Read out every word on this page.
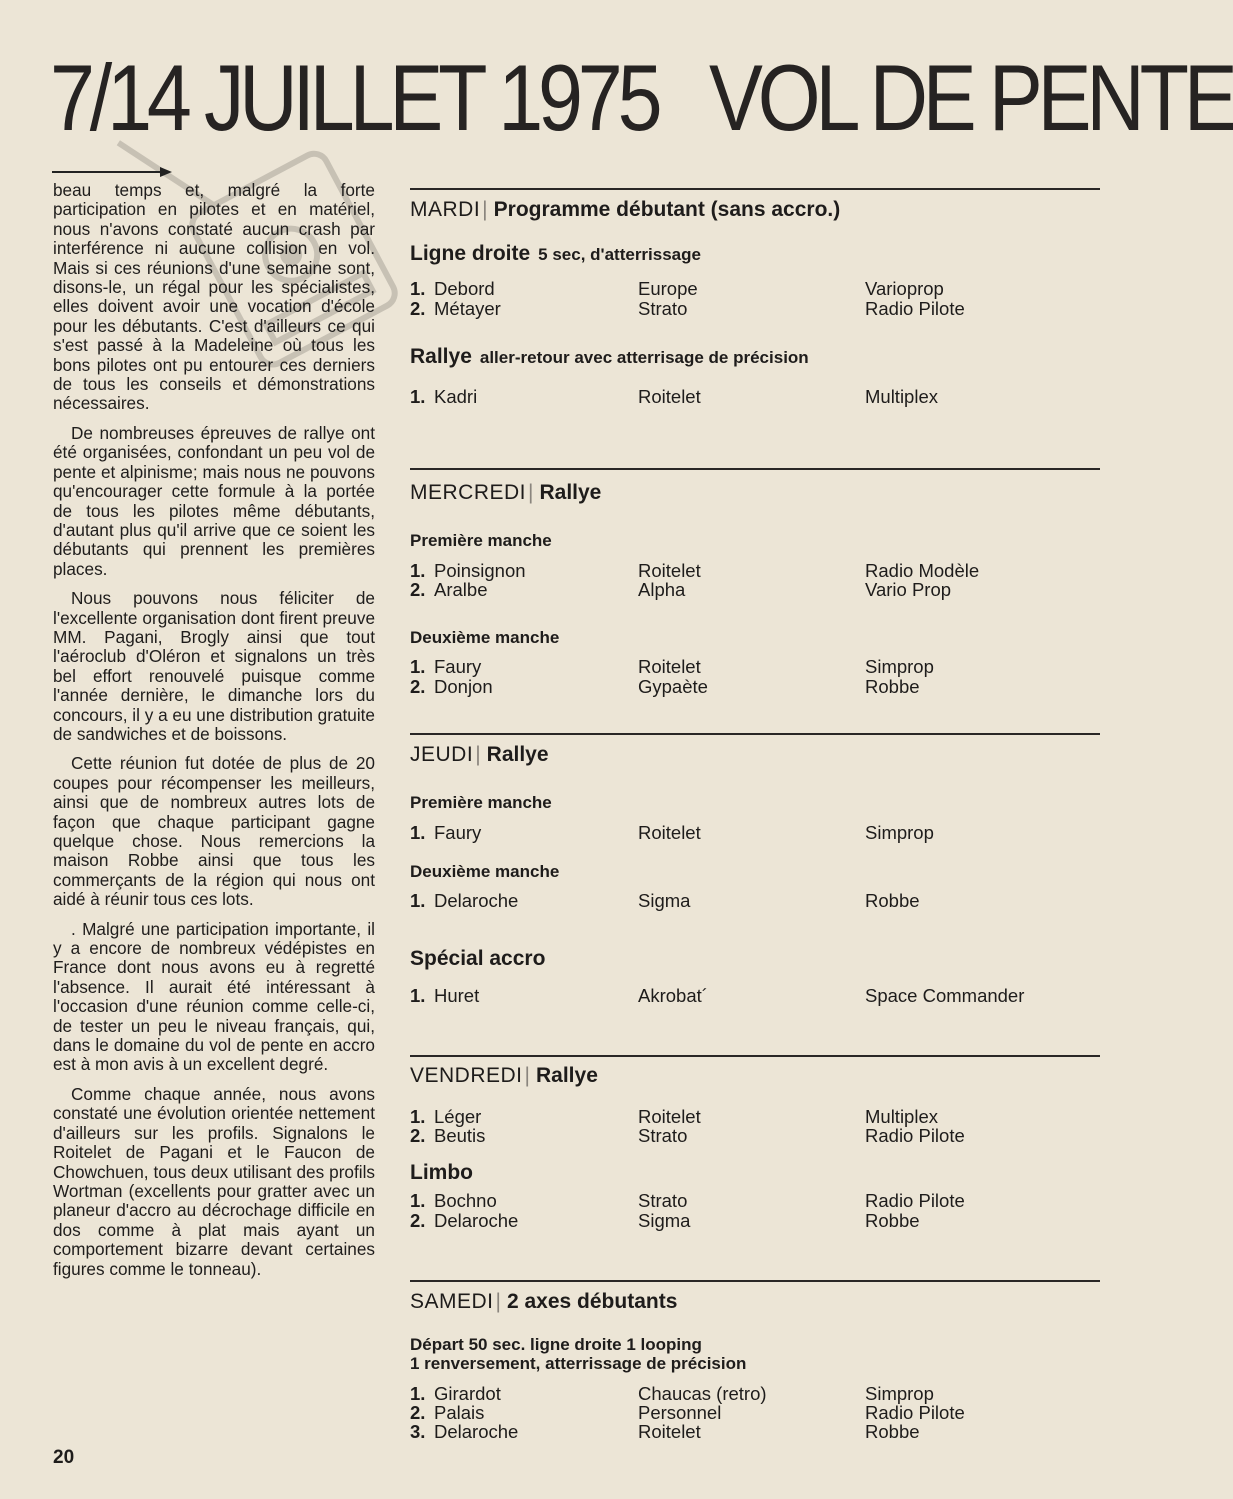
7/14 JUILLET 1975 VOL DE PENTE

beau temps et, malgré la forte participation en pilotes et en matériel, nous n'avons constaté aucun crash par interférence ni aucune collision en vol. Mais si ces réunions d'une semaine sont, disons-le, un régal pour les spécialistes, elles doivent avoir une vocation d'école pour les débutants. C'est d'ailleurs ce qui s'est passé à la Madeleine où tous les bons pilotes ont pu entourer ces derniers de tous les conseils et démonstrations nécessaires.

De nombreuses épreuves de rallye ont été organisées, confondant un peu vol de pente et alpinisme; mais nous ne pouvons qu'encourager cette formule à la portée de tous les pilotes même débutants, d'autant plus qu'il arrive que ce soient les débutants qui prennent les premières places.

Nous pouvons nous féliciter de l'excellente organisation dont firent preuve MM. Pagani, Brogly ainsi que tout l'aéroclub d'Oléron et signalons un très bel effort renouvelé puisque comme l'année dernière, le dimanche lors du concours, il y a eu une distribution gratuite de sandwiches et de boissons.

Cette réunion fut dotée de plus de 20 coupes pour récompenser les meilleurs, ainsi que de nombreux autres lots de façon que chaque participant gagne quelque chose. Nous remercions la maison Robbe ainsi que tous les commerçants de la région qui nous ont aidé à réunir tous ces lots.

. Malgré une participation importante, il y a encore de nombreux védépistes en France dont nous avons eu à regretté l'absence. Il aurait été intéressant à l'occasion d'une réunion comme celle-ci, de tester un peu le niveau français, qui, dans le domaine du vol de pente en accro est à mon avis à un excellent degré.

Comme chaque année, nous avons constaté une évolution orientée nettement d'ailleurs sur les profils. Signalons le Roitelet de Pagani et le Faucon de Chowchuen, tous deux utilisant des profils Wortman (excellents pour gratter avec un planeur d'accro au décrochage difficile en dos comme à plat mais ayant un comportement bizarre devant certaines figures comme le tonneau).

20
MARDI| Programme débutant (sans accro.)
Ligne droite 5 sec, d'atterrissage
1. Debord	Europe	Varioprop
2. Métayer	Strato	Radio Pilote
Rallye aller-retour avec atterrisage de précision
1. Kadri	Roitelet	Multiplex
MERCREDI| Rallye
Première manche
1. Poinsignon	Roitelet	Radio Modèle
2. Aralbe	Alpha	Vario Prop
Deuxième manche
1. Faury	Roitelet	Simprop
2. Donjon	Gypaète	Robbe
JEUDI| Rallye
Première manche
1. Faury	Roitelet	Simprop
Deuxième manche
1. Delaroche	Sigma	Robbe
Spécial accro
1. Huret	Akrobat´	Space Commander
VENDREDI| Rallye
1. Léger	Roitelet	Multiplex
2. Beutis	Strato	Radio Pilote
Limbo
1. Bochno	Strato	Radio Pilote
2. Delaroche	Sigma	Robbe
SAMEDI| 2 axes débutants
Départ 50 sec. ligne droite 1 looping
1 renversement, atterrissage de précision
1. Girardot	Chaucas (retro)	Simprop
2. Palais	Personnel	Radio Pilote
3. Delaroche	Roitelet	Robbe
